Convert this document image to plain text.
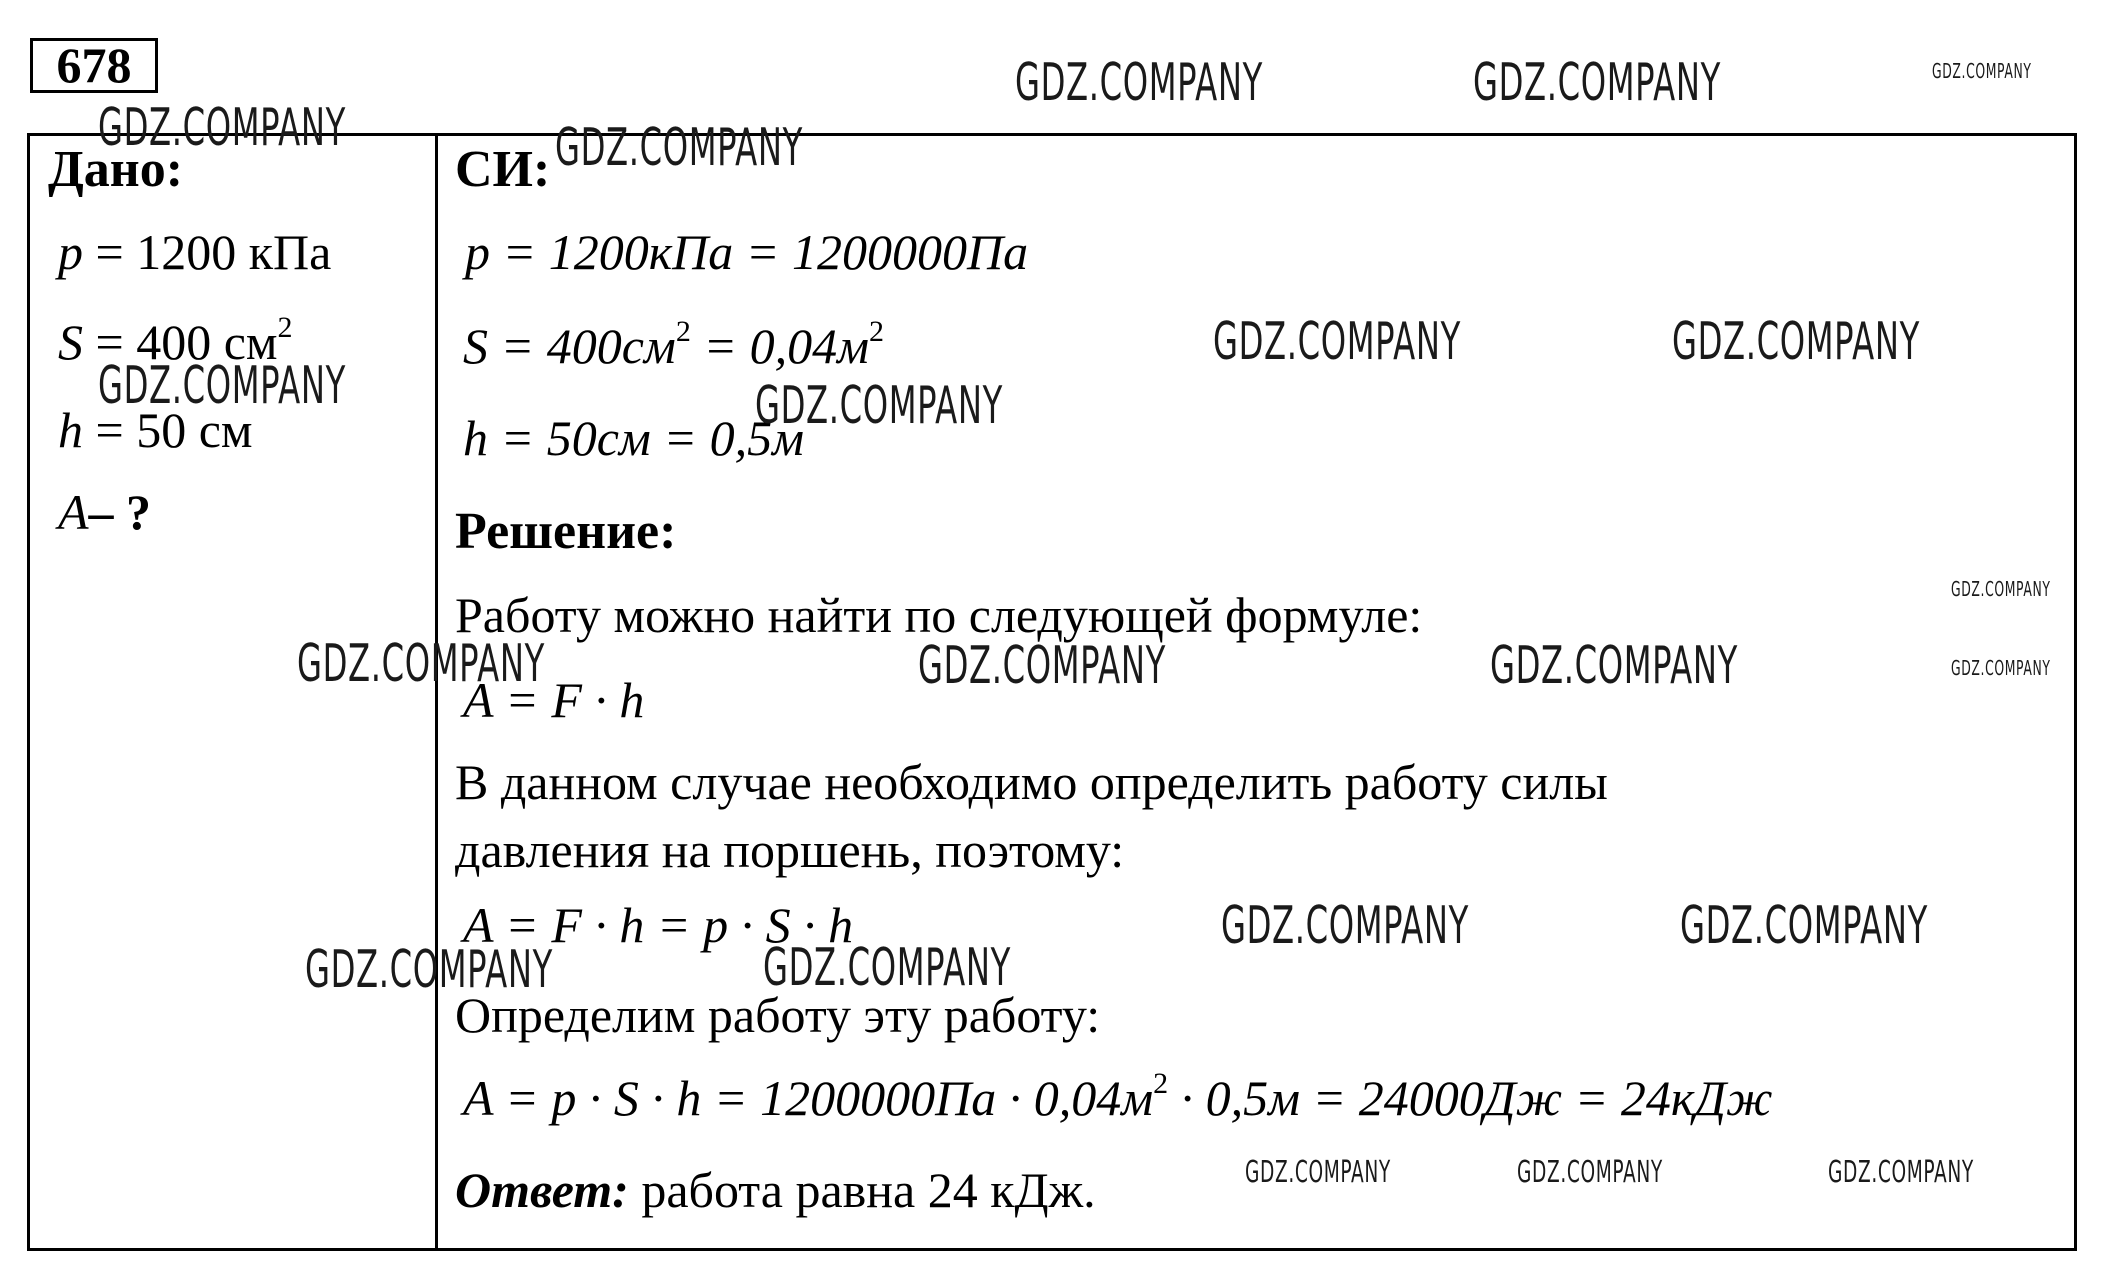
678
Дано:
p = 1200 кПа
S = 400 $см^2$
h = 50 см
A– ?
СИ:
p = 1200кПа = 1200000Па
$S = 400см^2 = 0,04м^2$
h = 50см = 0,5м
Решение:
Работу можно найти по следующей формуле:
A = F · h
В данном случае необходимо определить работу силы
давления на поршень, поэтому:
A = F · h = p · S · h
Определим работу эту работу:
$A = p \cdot S \cdot h = 1200000Па \cdot 0,04м^2 \cdot 0,5м = 24000Дж = 24кДж$
Ответ: работа равна 24 кДж.
GDZ.COMPANY	GDZ.COMPANY	GDZ.COMPANY
GDZ.COMPANY	GDZ.COMPANY
GDZ.COMPANY	GDZ.COMPANY
GDZ.COMPANY	GDZ.COMPANY
GDZ.COMPANY
GDZ.COMPANY
GDZ.COMPANY	GDZ.COMPANY	GDZ.COMPANY
GDZ.COMPANY	GDZ.COMPANY
GDZ.COMPANY	GDZ.COMPANY
GDZ.COMPANY	GDZ.COMPANY	GDZ.COMPANY
